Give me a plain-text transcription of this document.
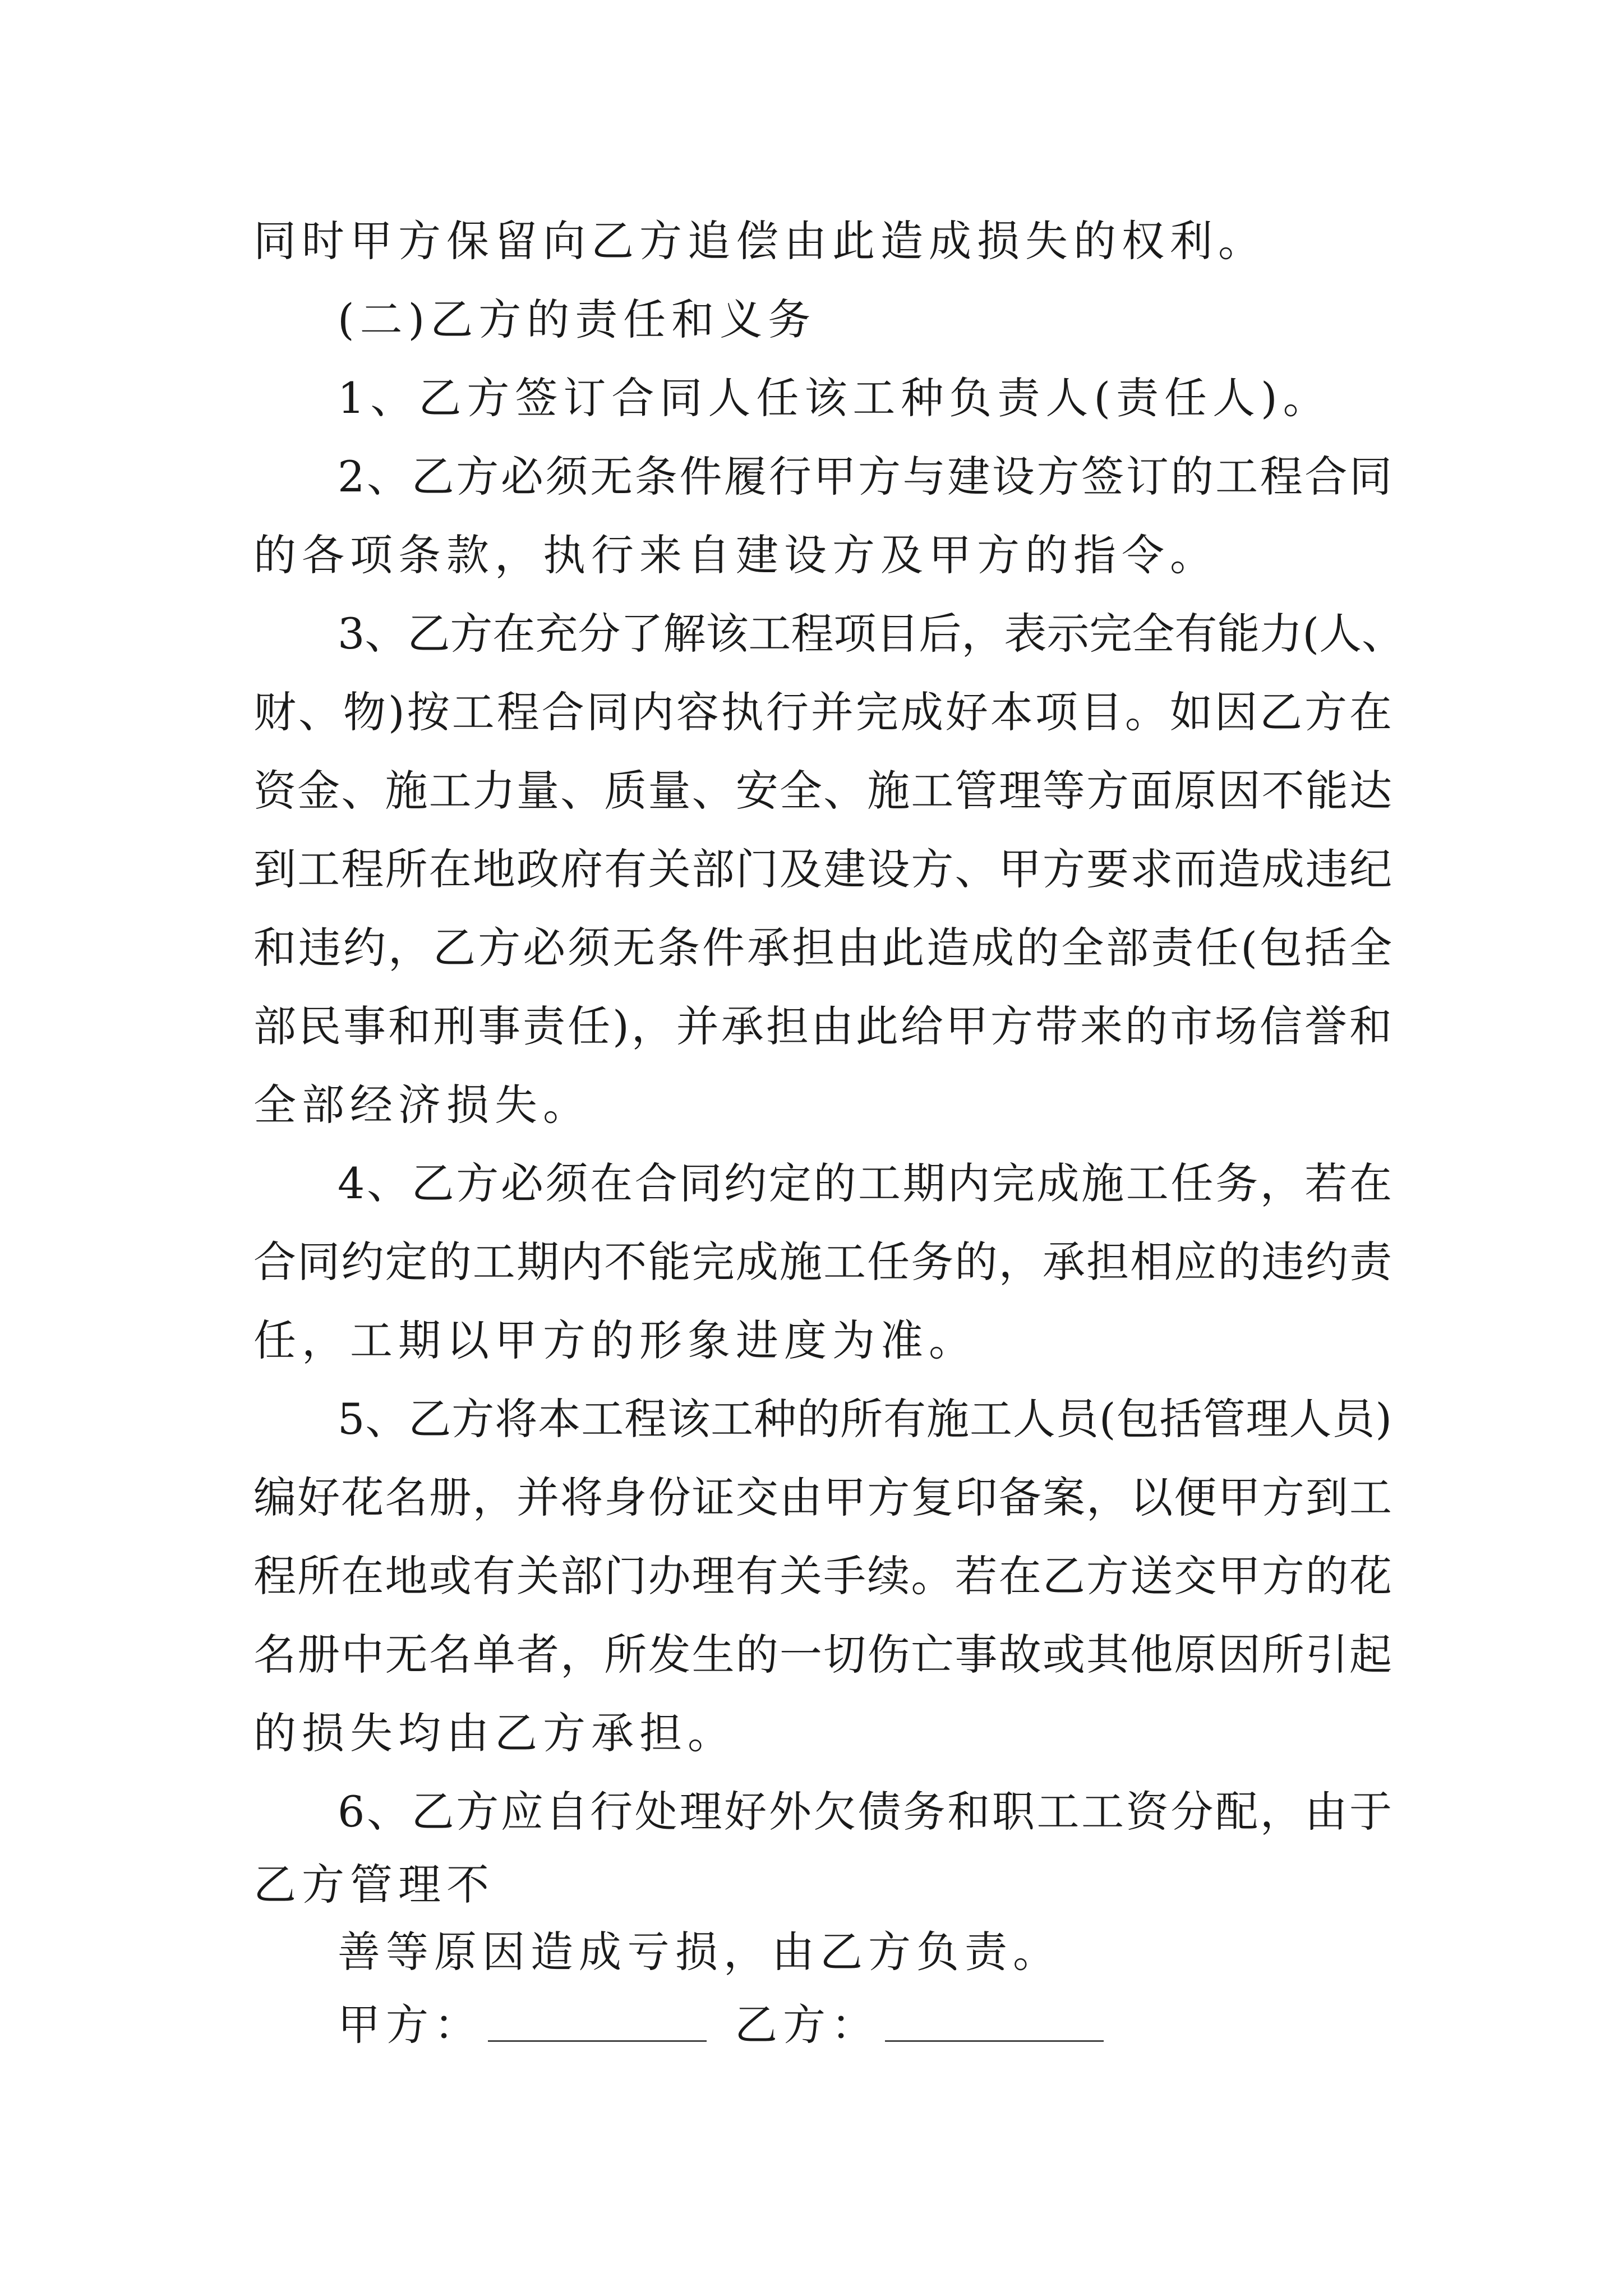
同时甲方保留向乙方追偿由此造成损失的权利。
(二)乙方的责任和义务
1、乙方签订合同人任该工种负责人(责任人)。
2、乙方必须无条件履行甲方与建设方签订的工程合同
的各项条款，执行来自建设方及甲方的指令。
3、乙方在充分了解该工程项目后，表示完全有能力(人、
财、物)按工程合同内容执行并完成好本项目。如因乙方在
资金、施工力量、质量、安全、施工管理等方面原因不能达
到工程所在地政府有关部门及建设方、甲方要求而造成违纪
和违约，乙方必须无条件承担由此造成的全部责任(包括全
部民事和刑事责任)，并承担由此给甲方带来的市场信誉和
全部经济损失。
4、乙方必须在合同约定的工期内完成施工任务，若在
合同约定的工期内不能完成施工任务的，承担相应的违约责
任，工期以甲方的形象进度为准。
5、乙方将本工程该工种的所有施工人员(包括管理人员)
编好花名册，并将身份证交由甲方复印备案，以便甲方到工
程所在地或有关部门办理有关手续。若在乙方送交甲方的花
名册中无名单者，所发生的一切伤亡事故或其他原因所引起
的损失均由乙方承担。
6、乙方应自行处理好外欠债务和职工工资分配，由于
乙方管理不
善等原因造成亏损，由乙方负责。
甲方：	乙方：
